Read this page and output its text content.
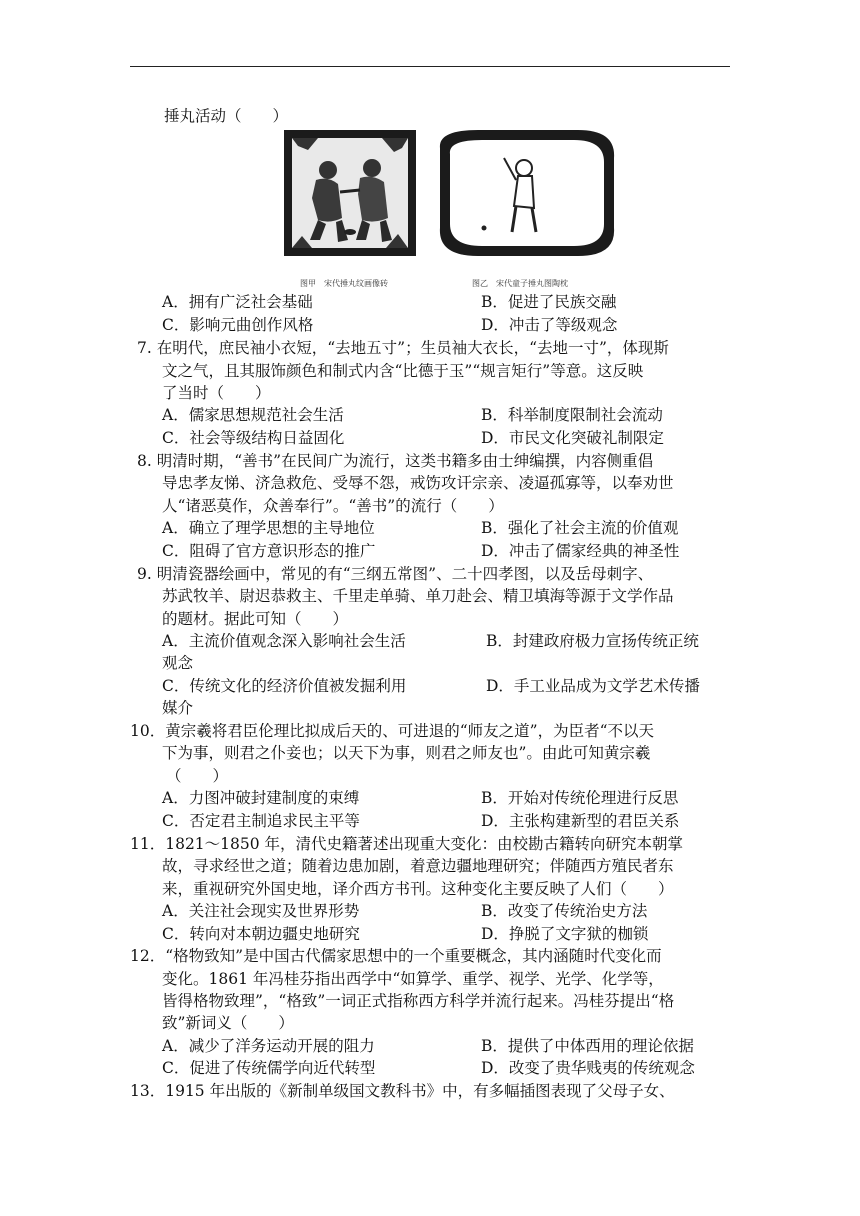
捶丸活动（　　）
图甲　宋代捶丸纹画像砖	图乙　宋代童子捶丸图陶枕
A．拥有广泛社会基础	B．促进了民族交融
C．影响元曲创作风格	D．冲击了等级观念
7. 在明代，庶民袖小衣短，“去地五寸”；生员袖大衣长，“去地一寸”，体现斯
文之气，且其服饰颜色和制式内含“比德于玉”“规言矩行”等意。这反映
了当时（　　）
A．儒家思想规范社会生活	B．科举制度限制社会流动
C．社会等级结构日益固化	D．市民文化突破礼制限定
8. 明清时期，“善书”在民间广为流行，这类书籍多由士绅编撰，内容侧重倡
导忠孝友悌、济急救危、受辱不怨，戒饬攻讦宗亲、凌逼孤寡等，以奉劝世
人“诸恶莫作，众善奉行”。“善书”的流行（　　）
A．确立了理学思想的主导地位	B．强化了社会主流的价值观
C．阻碍了官方意识形态的推广	D．冲击了儒家经典的神圣性
9. 明清瓷器绘画中，常见的有“三纲五常图”、二十四孝图，以及岳母刺字、
苏武牧羊、尉迟恭救主、千里走单骑、单刀赴会、精卫填海等源于文学作品
的题材。据此可知（　　）
A．主流价值观念深入影响社会生活	B．封建政府极力宣扬传统正统
观念
C．传统文化的经济价值被发掘利用	D．手工业品成为文学艺术传播
媒介
10．黄宗羲将君臣伦理比拟成后天的、可进退的“师友之道”，为臣者“不以天
下为事，则君之仆妾也；以天下为事，则君之师友也”。由此可知黄宗羲
（　　）
A．力图冲破封建制度的束缚	B．开始对传统伦理进行反思
C．否定君主制追求民主平等	D．主张构建新型的君臣关系
11．1821～1850 年，清代史籍著述出现重大变化：由校勘古籍转向研究本朝掌
故，寻求经世之道；随着边患加剧，着意边疆地理研究；伴随西方殖民者东
来，重视研究外国史地，译介西方书刊。这种变化主要反映了人们（　　）
A．关注社会现实及世界形势	B．改变了传统治史方法
C．转向对本朝边疆史地研究	D．挣脱了文字狱的枷锁
12．“格物致知”是中国古代儒家思想中的一个重要概念，其内涵随时代变化而
变化。1861 年冯桂芬指出西学中“如算学、重学、视学、光学、化学等，
皆得格物致理”，“格致”一词正式指称西方科学并流行起来。冯桂芬提出“格
致”新词义（　　）
A．减少了洋务运动开展的阻力	B．提供了中体西用的理论依据
C．促进了传统儒学向近代转型	D．改变了贵华贱夷的传统观念
13．1915 年出版的《新制单级国文教科书》中，有多幅插图表现了父母子女、
